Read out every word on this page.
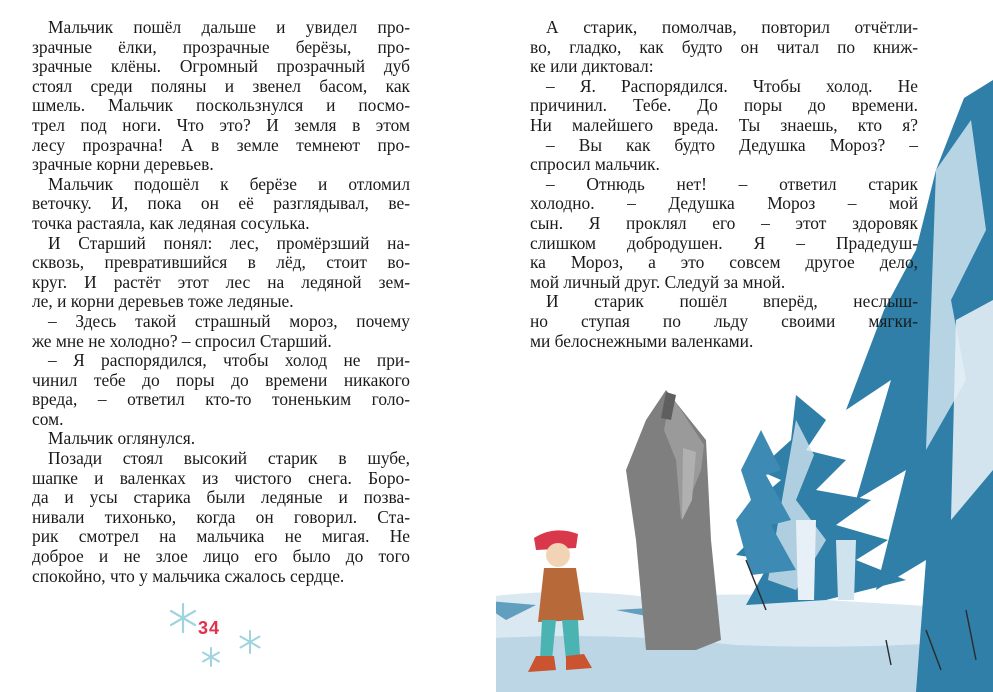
Мальчик пошёл дальше и увидел про-
зрачные ёлки, прозрачные берёзы, про-
зрачные клёны. Огромный прозрачный дуб
стоял среди поляны и звенел басом, как
шмель. Мальчик поскользнулся и посмо-
трел под ноги. Что это? И земля в этом
лесу прозрачна! А в земле темнеют про-
зрачные корни деревьев.
Мальчик подошёл к берёзе и отломил
веточку. И, пока он её разглядывал, ве-
точка растаяла, как ледяная сосулька.
И Старший понял: лес, промёрзший на-
сквозь, превратившийся в лёд, стоит во-
круг. И растёт этот лес на ледяной зем-
ле, и корни деревьев тоже ледяные.
– Здесь такой страшный мороз, почему
же мне не холодно? – спросил Старший.
– Я распорядился, чтобы холод не при-
чинил тебе до поры до времени никакого
вреда, – ответил кто-то тоненьким голо-
сом.
Мальчик оглянулся.
Позади стоял высокий старик в шубе,
шапке и валенках из чистого снега. Боро-
да и усы старика были ледяные и позва-
нивали тихонько, когда он говорил. Ста-
рик смотрел на мальчика не мигая. Не
доброе и не злое лицо его было до того
спокойно, что у мальчика сжалось сердце.
34
А старик, помолчав, повторил отчётли-
во, гладко, как будто он читал по книж-
ке или диктовал:
– Я. Распорядился. Чтобы холод. Не
причинил. Тебе. До поры до времени.
Ни малейшего вреда. Ты знаешь, кто я?
– Вы как будто Дедушка Мороз? –
спросил мальчик.
– Отнюдь нет! – ответил старик
холодно. – Дедушка Мороз – мой
сын. Я проклял его – этот здоровяк
слишком добродушен. Я – Прадедуш-
ка Мороз, а это совсем другое дело,
мой личный друг. Следуй за мной.
И старик пошёл вперёд, неслыш-
но ступая по льду своими мягки-
ми белоснежными валенками.
